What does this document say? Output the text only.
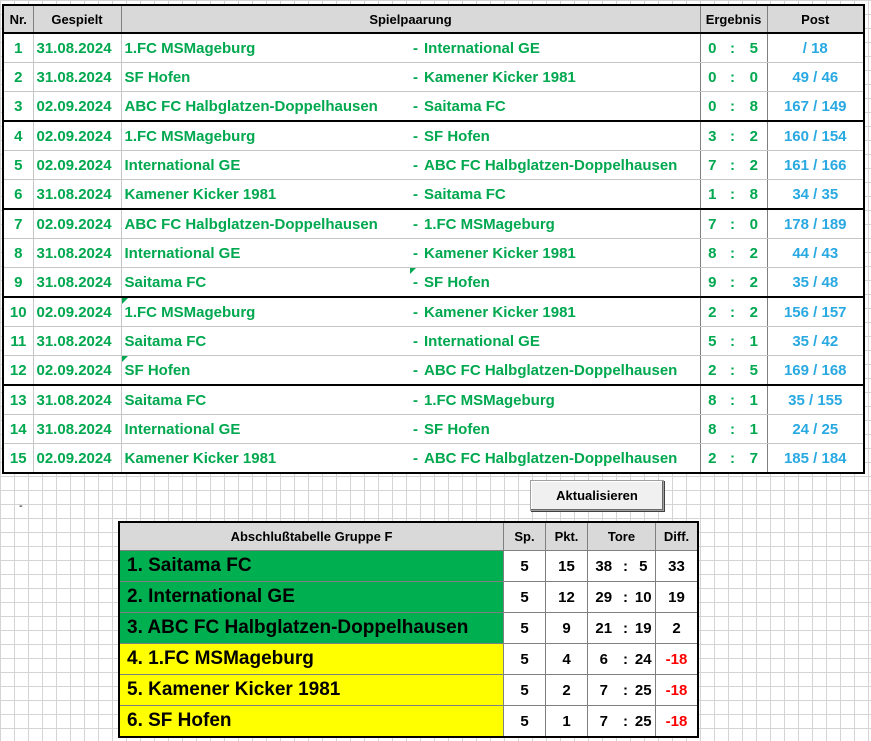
Nr.	Gespielt	Spielpaarung			Ergebnis			Post
1	31.08.2024	1.FC MSMageburg	-	International GE	0	:	5	/ 18
2	31.08.2024	SF Hofen	-	Kamener Kicker 1981	0	:	0	49 / 46
3	02.09.2024	ABC FC Halbglatzen-Doppelhausen	-	Saitama FC	0	:	8	167 / 149
4	02.09.2024	1.FC MSMageburg	-	SF Hofen	3	:	2	160 / 154
5	02.09.2024	International GE	-	ABC FC Halbglatzen-Doppelhausen	7	:	2	161 / 166
6	31.08.2024	Kamener Kicker 1981	-	Saitama FC	1	:	8	34 / 35
7	02.09.2024	ABC FC Halbglatzen-Doppelhausen	-	1.FC MSMageburg	7	:	0	178 / 189
8	31.08.2024	International GE	-	Kamener Kicker 1981	8	:	2	44 / 43
9	31.08.2024	Saitama FC	-	SF Hofen	9	:	2	35 / 48
10	02.09.2024	1.FC MSMageburg	-	Kamener Kicker 1981	2	:	2	156 / 157
11	31.08.2024	Saitama FC	-	International GE	5	:	1	35 / 42
12	02.09.2024	SF Hofen	-	ABC FC Halbglatzen-Doppelhausen	2	:	5	169 / 168
13	31.08.2024	Saitama FC	-	1.FC MSMageburg	8	:	1	35 / 155
14	31.08.2024	International GE	-	SF Hofen	8	:	1	24 / 25
15	02.09.2024	Kamener Kicker 1981	-	ABC FC Halbglatzen-Doppelhausen	2	:	7	185 / 184
-
Aktualisieren
Abschlußtabelle Gruppe F	Sp.	Pkt.	Tore			Diff.
1. Saitama FC	5	15	38	:	5	33
2. International GE	5	12	29	:	10	19
3. ABC FC Halbglatzen-Doppelhausen	5	9	21	:	19	2
4. 1.FC MSMageburg	5	4	6	:	24	-18
5. Kamener Kicker 1981	5	2	7	:	25	-18
6. SF Hofen	5	1	7	:	25	-18
